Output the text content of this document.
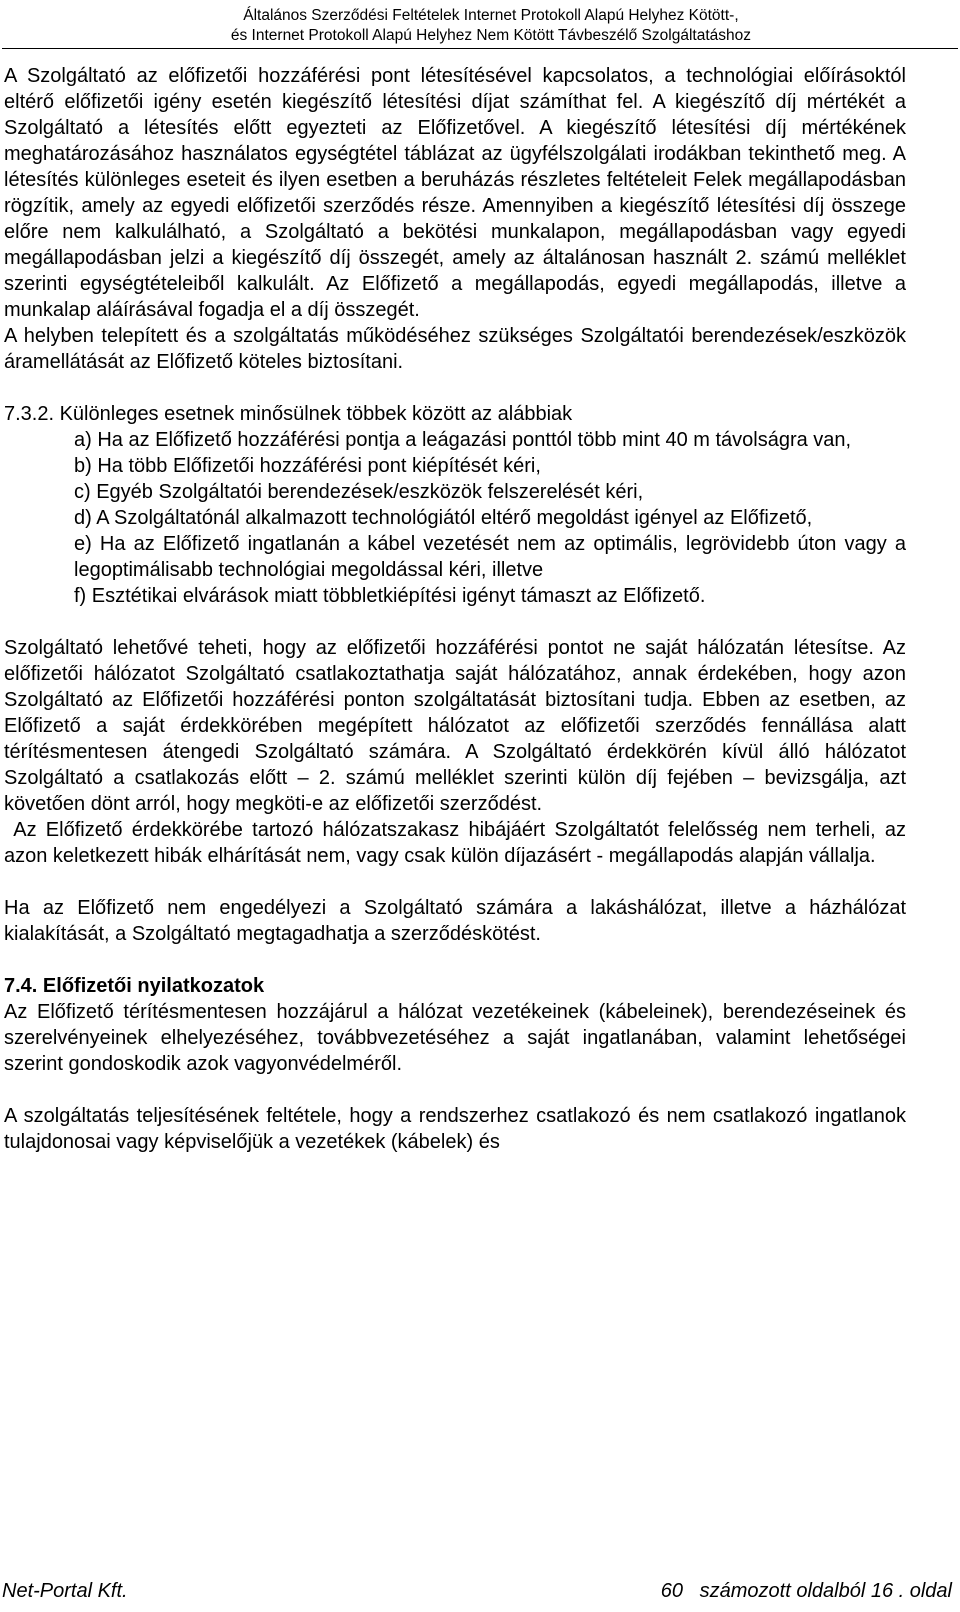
Általános Szerződési Feltételek Internet Protokoll Alapú Helyhez Kötött-,
és Internet Protokoll Alapú Helyhez Nem Kötött Távbeszélő Szolgáltatáshoz

A Szolgáltató az előfizetői hozzáférési pont létesítésével kapcsolatos, a technológiai előírásoktól eltérő előfizetői igény esetén kiegészítő létesítési díjat számíthat fel. A kiegészítő díj mértékét a Szolgáltató a létesítés előtt egyezteti az Előfizetővel. A kiegészítő létesítési díj mértékének meghatározásához használatos egységtétel táblázat az ügyfélszolgálati irodákban tekinthető meg. A létesítés különleges eseteit és ilyen esetben a beruházás részletes feltételeit Felek megállapodásban rögzítik, amely az egyedi előfizetői szerződés része. Amennyiben a kiegészítő létesítési díj összege előre nem kalkulálható, a Szolgáltató a bekötési munkalapon, megállapodásban vagy egyedi megállapodásban jelzi a kiegészítő díj összegét, amely az általánosan használt 2. számú melléklet szerinti egységtételeiből kalkulált. Az Előfizető a megállapodás, egyedi megállapodás, illetve a munkalap aláírásával fogadja el a díj összegét.

A helyben telepített és a szolgáltatás működéséhez szükséges Szolgáltatói berendezések/eszközök áramellátását az Előfizető köteles biztosítani.

7.3.2. Különleges esetnek minősülnek többek között az alábbiak

a) Ha az Előfizető hozzáférési pontja a leágazási ponttól több mint 40 m távolságra van,
b) Ha több Előfizetői hozzáférési pont kiépítését kéri,
c) Egyéb Szolgáltatói berendezések/eszközök felszerelését kéri,
d) A Szolgáltatónál alkalmazott technológiától eltérő megoldást igényel az Előfizető,
e) Ha az Előfizető ingatlanán a kábel vezetését nem az optimális, legrövidebb úton vagy a legoptimálisabb technológiai megoldással kéri, illetve
f) Esztétikai elvárások miatt többletkiépítési igényt támaszt az Előfizető.

Szolgáltató lehetővé teheti, hogy az előfizetői hozzáférési pontot ne saját hálózatán létesítse. Az előfizetői hálózatot Szolgáltató csatlakoztathatja saját hálózatához, annak érdekében, hogy azon Szolgáltató az Előfizetői hozzáférési ponton szolgáltatását biztosítani tudja. Ebben az esetben, az Előfizető a saját érdekkörében megépített hálózatot az előfizetői szerződés fennállása alatt térítésmentesen átengedi Szolgáltató számára. A Szolgáltató érdekkörén kívül álló hálózatot Szolgáltató a csatlakozás előtt – 2. számú melléklet szerinti külön díj fejében – bevizsgálja, azt követően dönt arról, hogy megköti-e az előfizetői szerződést.

Az Előfizető érdekkörébe tartozó hálózatszakasz hibájáért Szolgáltatót felelősség nem terheli, az azon keletkezett hibák elhárítását nem, vagy csak külön díjazásért - megállapodás alapján vállalja.

Ha az Előfizető nem engedélyezi a Szolgáltató számára a lakáshálózat, illetve a házhálózat kialakítását, a Szolgáltató megtagadhatja a szerződéskötést.

7.4. Előfizetői nyilatkozatok

Az Előfizető térítésmentesen hozzájárul a hálózat vezetékeinek (kábeleinek), berendezéseinek és szerelvényeinek elhelyezéséhez, továbbvezetéséhez a saját ingatlanában, valamint lehetőségei szerint gondoskodik azok vagyonvédelméről.

A szolgáltatás teljesítésének feltétele, hogy a rendszerhez csatlakozó és nem csatlakozó ingatlanok tulajdonosai vagy képviselőjük a vezetékek (kábelek) és

Net-Portal Kft.	60   számozott oldalból 16 . oldal
